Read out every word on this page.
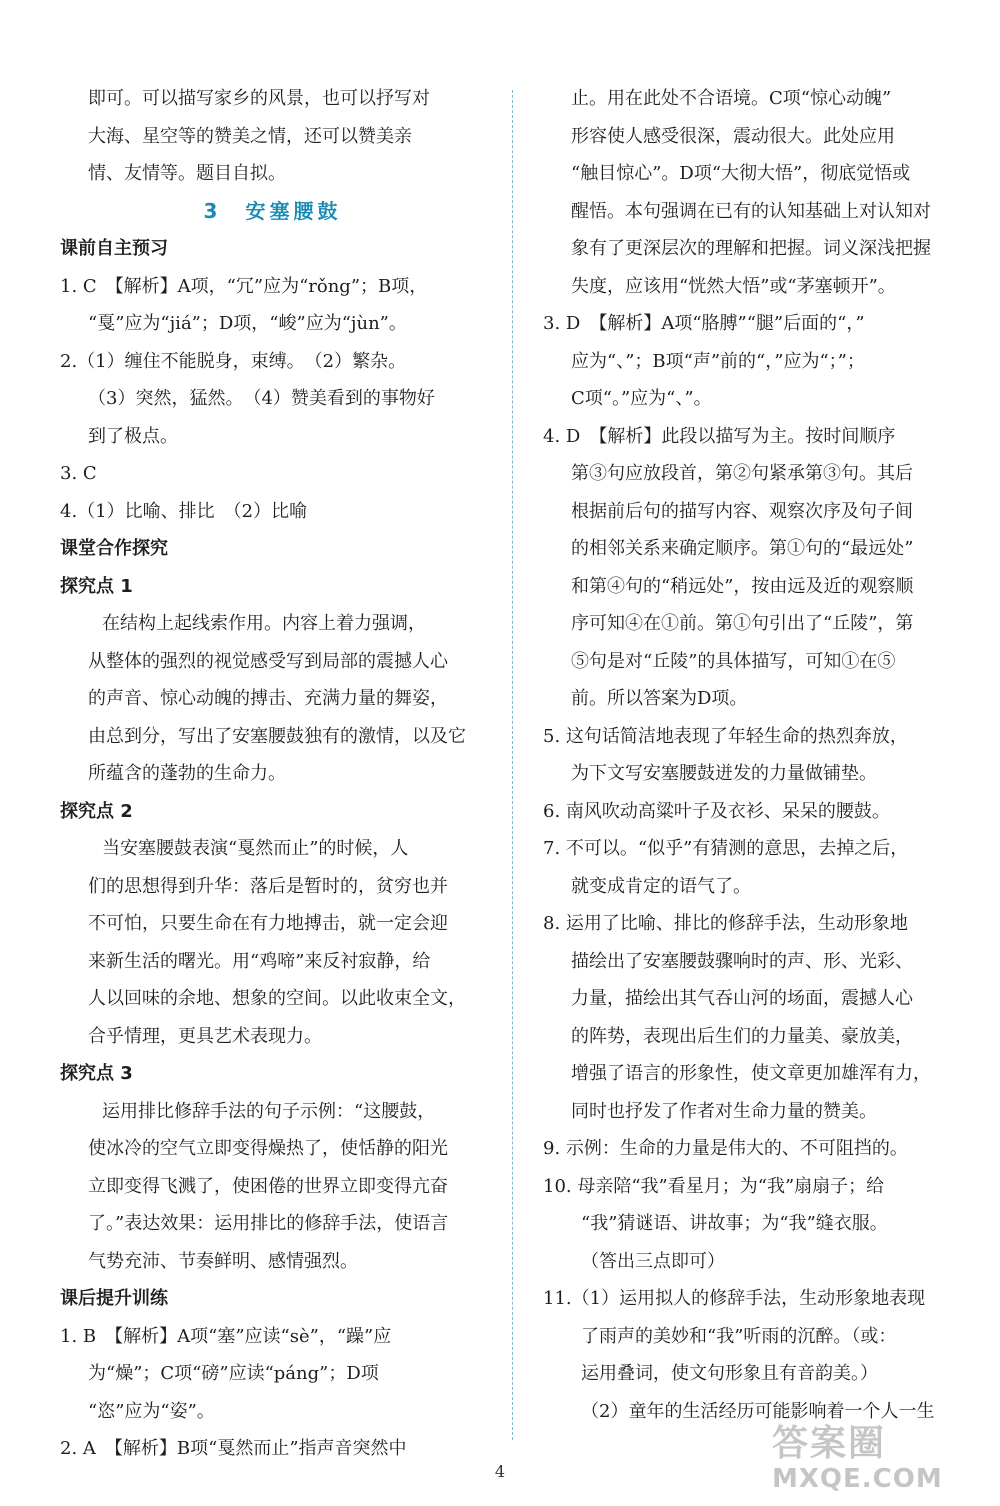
即可。可以描写家乡的风景，也可以抒写对
大海、星空等的赞美之情，还可以赞美亲
情、友情等。题目自拟。
3　安塞腰鼓
课前自主预习
1. C　【解析】A项，“冗”应为“rǒng”；B项，
“戛”应为“jiá”；D项，“峻”应为“jùn”。
2.（1）缠住不能脱身，束缚。　（2）繁杂。
（3）突然，猛然。　（4）赞美看到的事物好
到了极点。
3. C
4.（1）比喻、排比　（2）比喻
课堂合作探究
探究点 1
在结构上起线索作用。内容上着力强调，
从整体的强烈的视觉感受写到局部的震撼人心
的声音、惊心动魄的搏击、充满力量的舞姿，
由总到分，写出了安塞腰鼓独有的激情，以及它
所蕴含的蓬勃的生命力。
探究点 2
当安塞腰鼓表演“戛然而止”的时候，人
们的思想得到升华：落后是暂时的，贫穷也并
不可怕，只要生命在有力地搏击，就一定会迎
来新生活的曙光。用“鸡啼”来反衬寂静，给
人以回味的余地、想象的空间。以此收束全文，
合乎情理，更具艺术表现力。
探究点 3
运用排比修辞手法的句子示例：“这腰鼓，
使冰冷的空气立即变得燥热了，使恬静的阳光
立即变得飞溅了，使困倦的世界立即变得亢奋
了。”表达效果：运用排比的修辞手法，使语言
气势充沛、节奏鲜明、感情强烈。
课后提升训练
1. B　【解析】A项“塞”应读“sè”，“躁”应
为“燥”；C项“磅”应读“páng”；D项
“恣”应为“姿”。
2. A　【解析】B项“戛然而止”指声音突然中
止。用在此处不合语境。C项“惊心动魄”
形容使人感受很深，震动很大。此处应用
“触目惊心”。D项“大彻大悟”，彻底觉悟或
醒悟。本句强调在已有的认知基础上对认知对
象有了更深层次的理解和把握。词义深浅把握
失度，应该用“恍然大悟”或“茅塞顿开”。
3. D　【解析】A项“胳膊”“腿”后面的“，”
应为“、”；B项“声”前的“，”应为“；”；
C项“。”应为“、”。
4. D　【解析】此段以描写为主。按时间顺序
第③句应放段首，第②句紧承第③句。其后
根据前后句的描写内容、观察次序及句子间
的相邻关系来确定顺序。第①句的“最远处”
和第④句的“稍远处”，按由远及近的观察顺
序可知④在①前。第①句引出了“丘陵”，第
⑤句是对“丘陵”的具体描写，可知①在⑤
前。所以答案为D项。
5. 这句话简洁地表现了年轻生命的热烈奔放，
为下文写安塞腰鼓迸发的力量做铺垫。
6. 南风吹动高粱叶子及衣衫、呆呆的腰鼓。
7. 不可以。“似乎”有猜测的意思，去掉之后，
就变成肯定的语气了。
8. 运用了比喻、排比的修辞手法，生动形象地
描绘出了安塞腰鼓骤响时的声、形、光彩、
力量，描绘出其气吞山河的场面，震撼人心
的阵势，表现出后生们的力量美、豪放美，
增强了语言的形象性，使文章更加雄浑有力，
同时也抒发了作者对生命力量的赞美。
9. 示例：生命的力量是伟大的、不可阻挡的。
10. 母亲陪“我”看星月；为“我”扇扇子；给
“我”猜谜语、讲故事；为“我”缝衣服。
（答出三点即可）
11.（1）运用拟人的修辞手法，生动形象地表现
了雨声的美妙和“我”听雨的沉醉。（或：
运用叠词，使文句形象且有音韵美。）
（2）童年的生活经历可能影响着一个人一生
4
答案圈
MXQE.COM
